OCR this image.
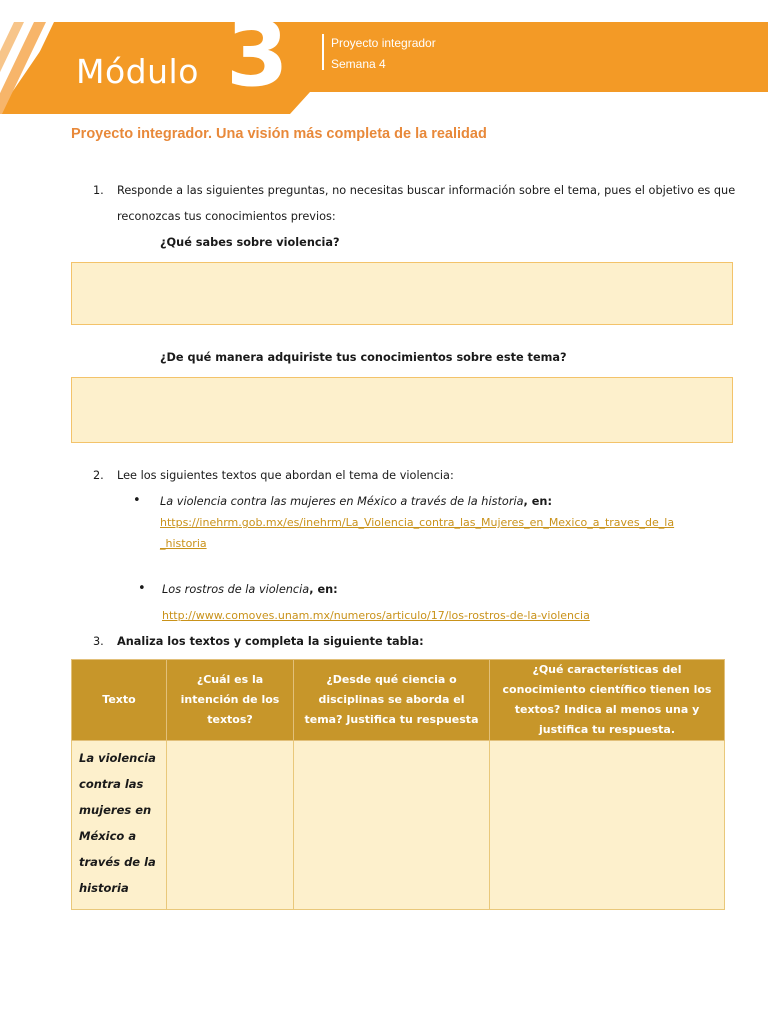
Módulo 3	Proyecto integrador
Semana 4
Proyecto integrador. Una visión más completa de la realidad
1. Responde a las siguientes preguntas, no necesitas buscar información sobre el tema, pues el objetivo es que

reconozcas tus conocimientos previos:

¿Qué sabes sobre violencia?

¿De qué manera adquiriste tus conocimientos sobre este tema?

2. Lee los siguientes textos que abordan el tema de violencia:

• La violencia contra las mujeres en México a través de la historia, en:

https://inehrm.gob.mx/es/inehrm/La_Violencia_contra_las_Mujeres_en_Mexico_a_traves_de_la
_historia
• Los rostros de la violencia, en:

http://www.comoves.unam.mx/numeros/articulo/17/los-rostros-de-la-violencia
3. Analiza los textos y completa la siguiente tabla:

Texto	¿Cuál es la intención de los textos?	¿Desde qué ciencia o disciplinas se aborda el tema? Justifica tu respuesta	¿Qué características del conocimiento científico tienen los textos? Indica al menos una y justifica tu respuesta.

La violencia contra las mujeres en México a través de la historia			
